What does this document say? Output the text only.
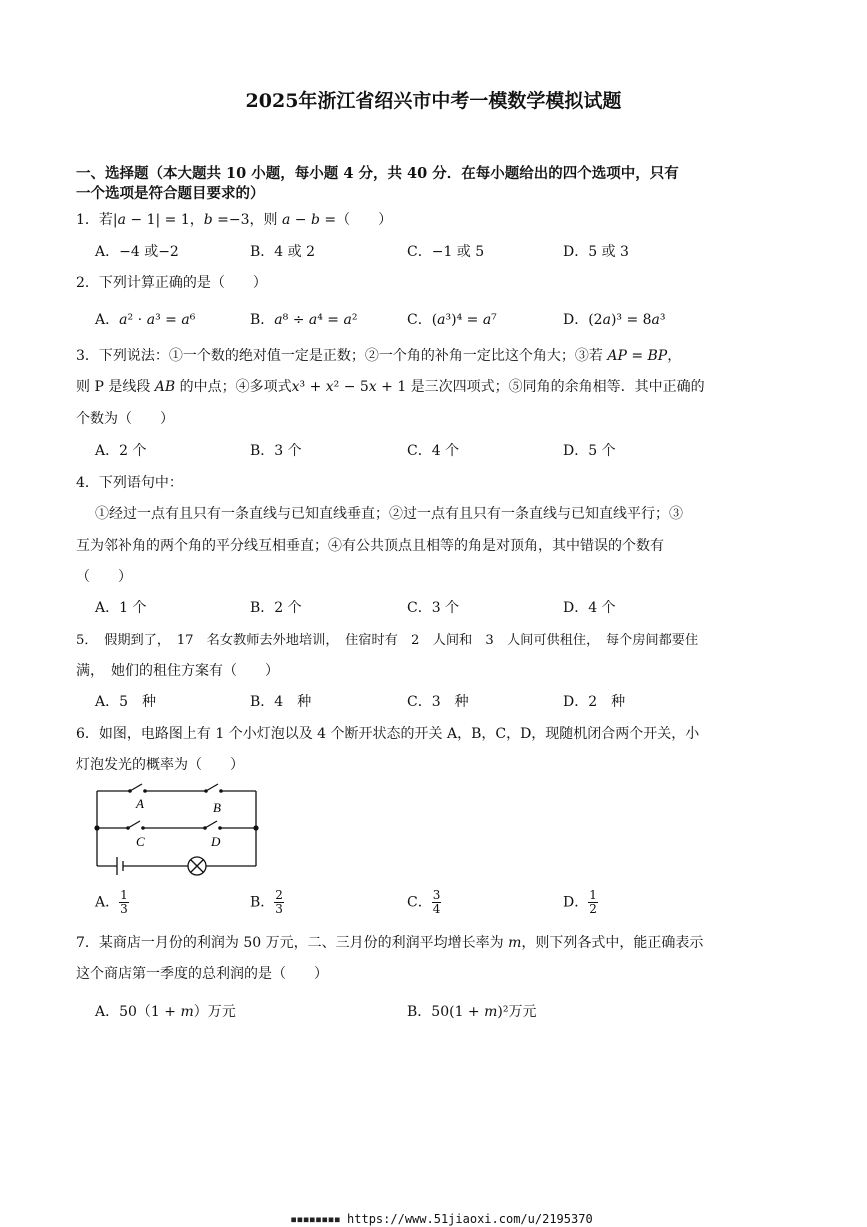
2025年浙江省绍兴市中考一模数学模拟试题
一、选择题（本大题共 10 小题，每小题 4 分，共 40 分．在每小题给出的四个选项中，只有
一个选项是符合题目要求的）
1．若|𝑎 − 1| = 1，𝑏 =−3，则 𝑎 − 𝑏 =（　　）
A．−4 或−2	B．4 或 2	C．−1 或 5	D．5 或 3
2．下列计算正确的是（　　）
A．𝑎² ⋅ 𝑎³ = 𝑎⁶	B．𝑎⁸ ÷ 𝑎⁴ = 𝑎²	C．(𝑎³)⁴ = 𝑎⁷	D．(2𝑎)³ = 8𝑎³
3．下列说法：①一个数的绝对值一定是正数；②一个角的补角一定比这个角大；③若 𝐴𝑃 = 𝐵𝑃，
则 P 是线段 𝐴𝐵 的中点；④多项式𝑥³ + 𝑥² − 5𝑥 + 1 是三次四项式；⑤同角的余角相等．其中正确的
个数为（　　）
A．2 个	B．3 个	C．4 个	D．5 个
4．下列语句中：
①经过一点有且只有一条直线与已知直线垂直；②过一点有且只有一条直线与已知直线平行；③
互为邻补角的两个角的平分线互相垂直；④有公共顶点且相等的角是对顶角，其中错误的个数有
（　　）
A．1 个	B．2 个	C．3 个	D．4 个
5．　假期到了，　17　名女教师去外地培训，　住宿时有　2　人间和　3　人间可供租住，　每个房间都要住
满，　她们的租住方案有（　　）
A．5　种	B．4　种	C．3　种	D．2　种
6．如图，电路图上有 1 个小灯泡以及 4 个断开状态的开关 A，B，C，D，现随机闭合两个开关，小
灯泡发光的概率为（　　）
A	B
C	D
A． $\frac{1}{3}$	B． $\frac{2}{3}$	C． $\frac{3}{4}$	D． $\frac{1}{2}$
7．某商店一月份的利润为 50 万元，二、三月份的利润平均增长率为 𝑚，则下列各式中，能正确表示
这个商店第一季度的总利润的是（　　）
A．50（1 + 𝑚）万元	B．50(1 + 𝑚)²万元
▪▪▪▪▪▪▪▪ https://www.51jiaoxi.com/u/2195370
